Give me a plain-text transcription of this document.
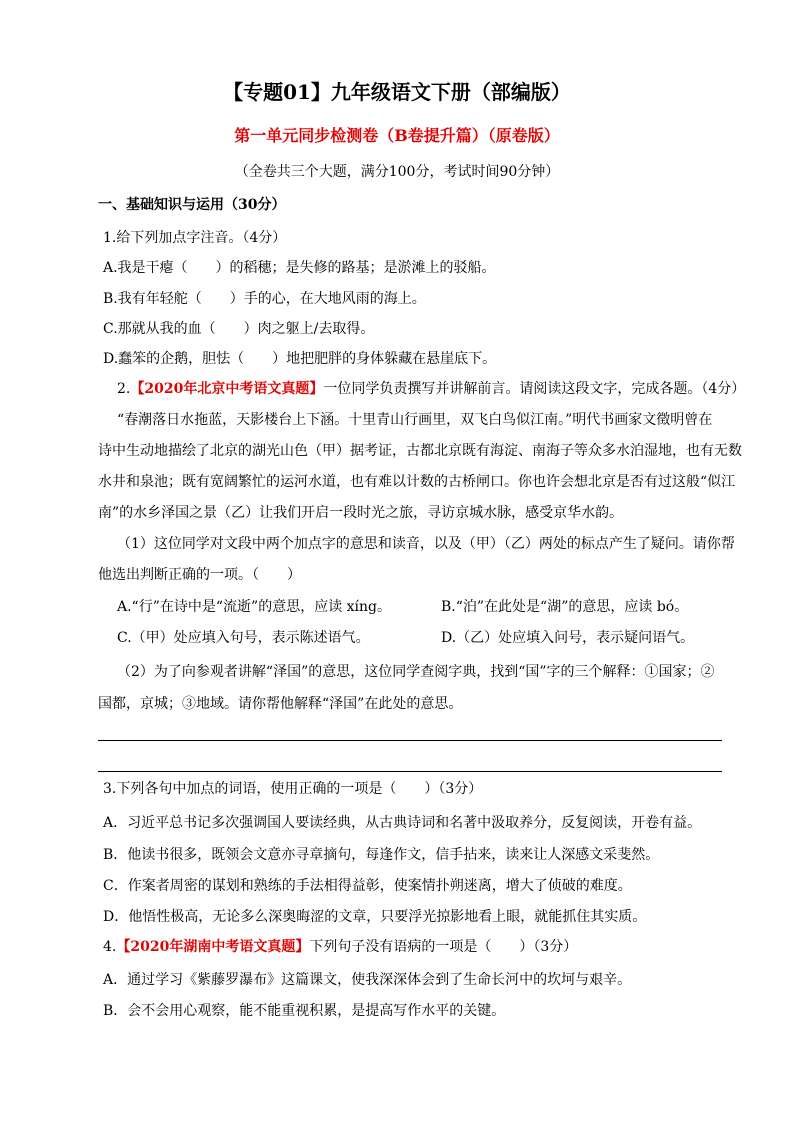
【专题01】九年级语文下册（部编版）
第一单元同步检测卷（B卷提升篇）（原卷版）
（全卷共三个大题，满分100分，考试时间90分钟）
一、基础知识与运用（30分）
1.给下列加点字注音。（4分）
A.我是干瘪（　　）的稻穗；是失修的路基；是淤滩上的驳船。
B.我有年轻舵（　　）手的心，在大地风雨的海上。
C.那就从我的血（　　）肉之躯上/去取得。
D.蠢笨的企鹅，胆怯（　　）地把肥胖的身体躲藏在悬崖底下。
2.【2020年北京中考语文真题】一位同学负责撰写并讲解前言。请阅读这段文字，完成各题。（4分）
“春潮落日水拖蓝，天影楼台上下涵。十里青山行画里，双飞白鸟似江南。”明代书画家文徵明曾在
诗中生动地描绘了北京的湖光山色（甲）据考证，古都北京既有海淀、南海子等众多水泊湿地，也有无数
水井和泉池；既有宽阔繁忙的运河水道，也有难以计数的古桥闸口。你也许会想北京是否有过这般“似江
南”的水乡泽国之景（乙）让我们开启一段时光之旅，寻访京城水脉，感受京华水韵。
（1）这位同学对文段中两个加点字的意思和读音，以及（甲）（乙）两处的标点产生了疑问。请你帮
他选出判断正确的一项。（　　）
A.“行”在诗中是“流逝”的意思，应读 xíng。	B.“泊”在此处是“湖”的意思，应读 bó。
C.（甲）处应填入句号，表示陈述语气。	D.（乙）处应填入问号，表示疑问语气。
（2）为了向参观者讲解“泽国”的意思，这位同学查阅字典，找到“国”字的三个解释：①国家；②
国都，京城；③地域。请你帮他解释“泽国”在此处的意思。
3.下列各句中加点的词语，使用正确的一项是（　　）（3分）
A．习近平总书记多次强调国人要读经典，从古典诗词和名著中汲取养分，反复阅读，开卷有益。
B．他读书很多，既领会文意亦寻章摘句，每逢作文，信手拈来，读来让人深感文采斐然。
C．作案者周密的谋划和熟练的手法相得益彰，使案情扑朔迷离，增大了侦破的难度。
D．他悟性极高，无论多么深奥晦涩的文章，只要浮光掠影地看上眼，就能抓住其实质。
4.【2020年湖南中考语文真题】下列句子没有语病的一项是（　　）（3分）
A．通过学习《紫藤罗瀑布》这篇课文，使我深深体会到了生命长河中的坎坷与艰辛。
B．会不会用心观察，能不能重视积累，是提高写作水平的关键。
